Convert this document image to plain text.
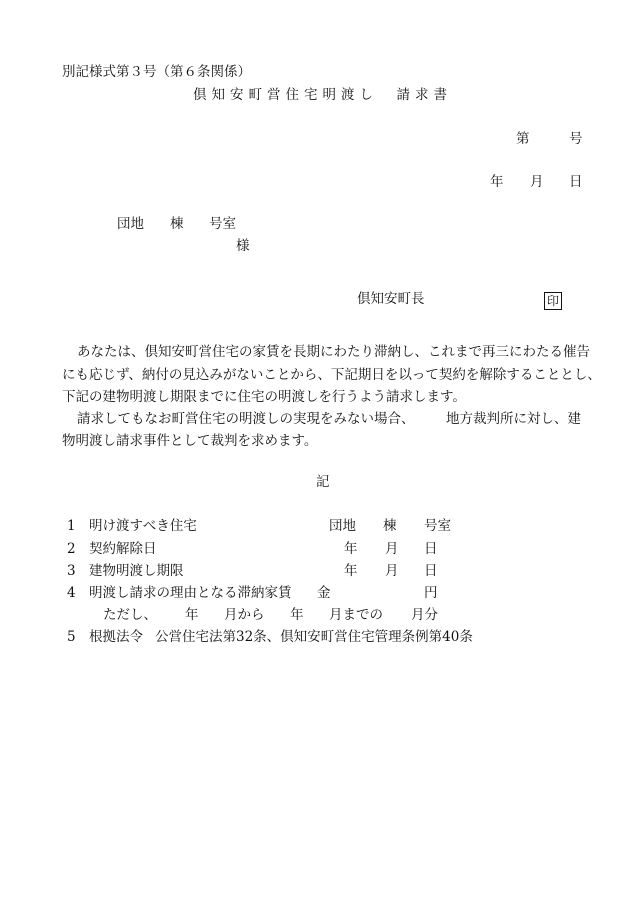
別記様式第３号（第６条関係）
倶知安町営住宅明渡し　請求書
第	号
年 月 日
団地 棟 号室
様
倶知安町長	印
あなたは、倶知安町営住宅の家賃を長期にわたり滞納し、これまで再三にわたる催告
にも応じず、納付の見込みがないことから、下記期日を以って契約を解除することとし、
下記の建物明渡し期限までに住宅の明渡しを行うよう請求します。
請求してもなお町営住宅の明渡しの実現をみない場合、 地方裁判所に対し、建
物明渡し請求事件として裁判を求めます。
記
1 明け渡すべき住宅	団地 棟 号室
2 契約解除日	年 月 日
3 建物明渡し期限	年 月 日
4 明渡し請求の理由となる滞納家賃 金	円
ただし、 年 月から 年 月までの 月分
5 根拠法令 公営住宅法第32条、倶知安町営住宅管理条例第40条
